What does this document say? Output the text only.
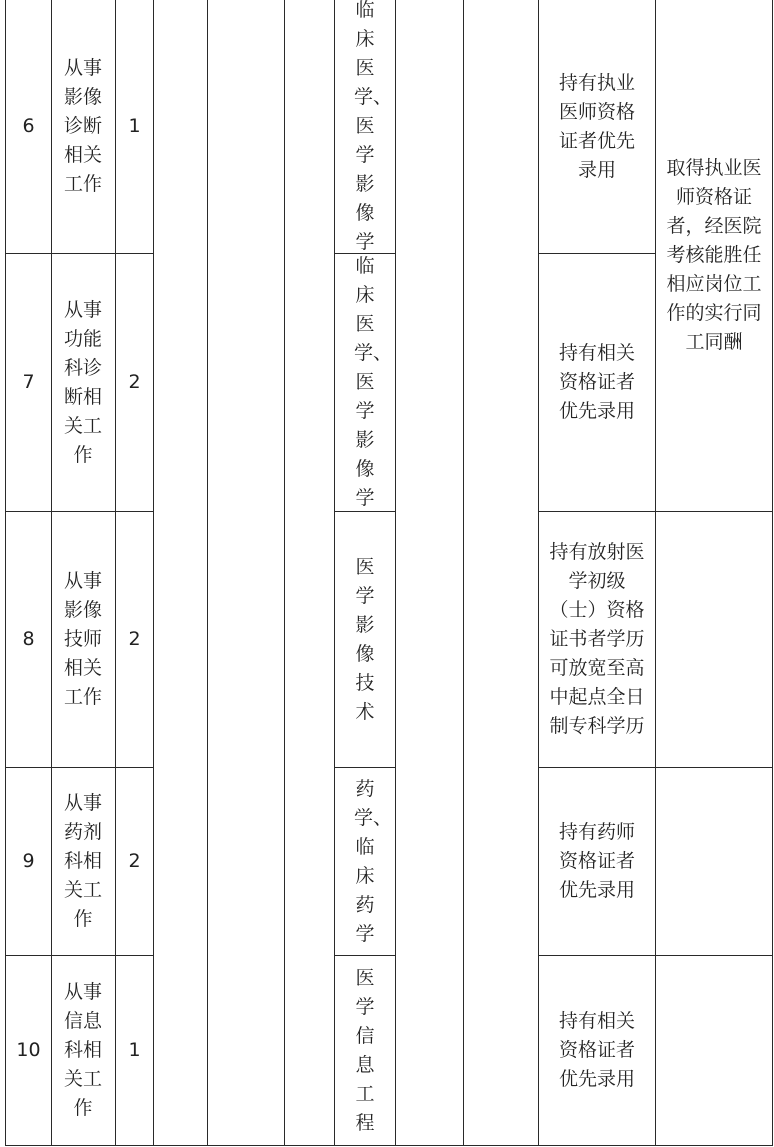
6
从事影像诊断相关工作
1
临床医学、医学影像学
持有执业医师资格证者优先录用
7
从事功能科诊断相关工作
2
临床医学、医学影像学
持有相关资格证者优先录用
取得执业医师资格证者，经医院考核能胜任相应岗位工作的实行同工同酬
8
从事影像技师相关工作
2
医学影像技术
持有放射医学初级（士）资格证书者学历可放宽至高中起点全日制专科学历
9
从事药剂科相关工作
2
药学、临床药学
持有药师资格证者优先录用
10
从事信息科相关工作
1
医学信息工程
持有相关资格证者优先录用
